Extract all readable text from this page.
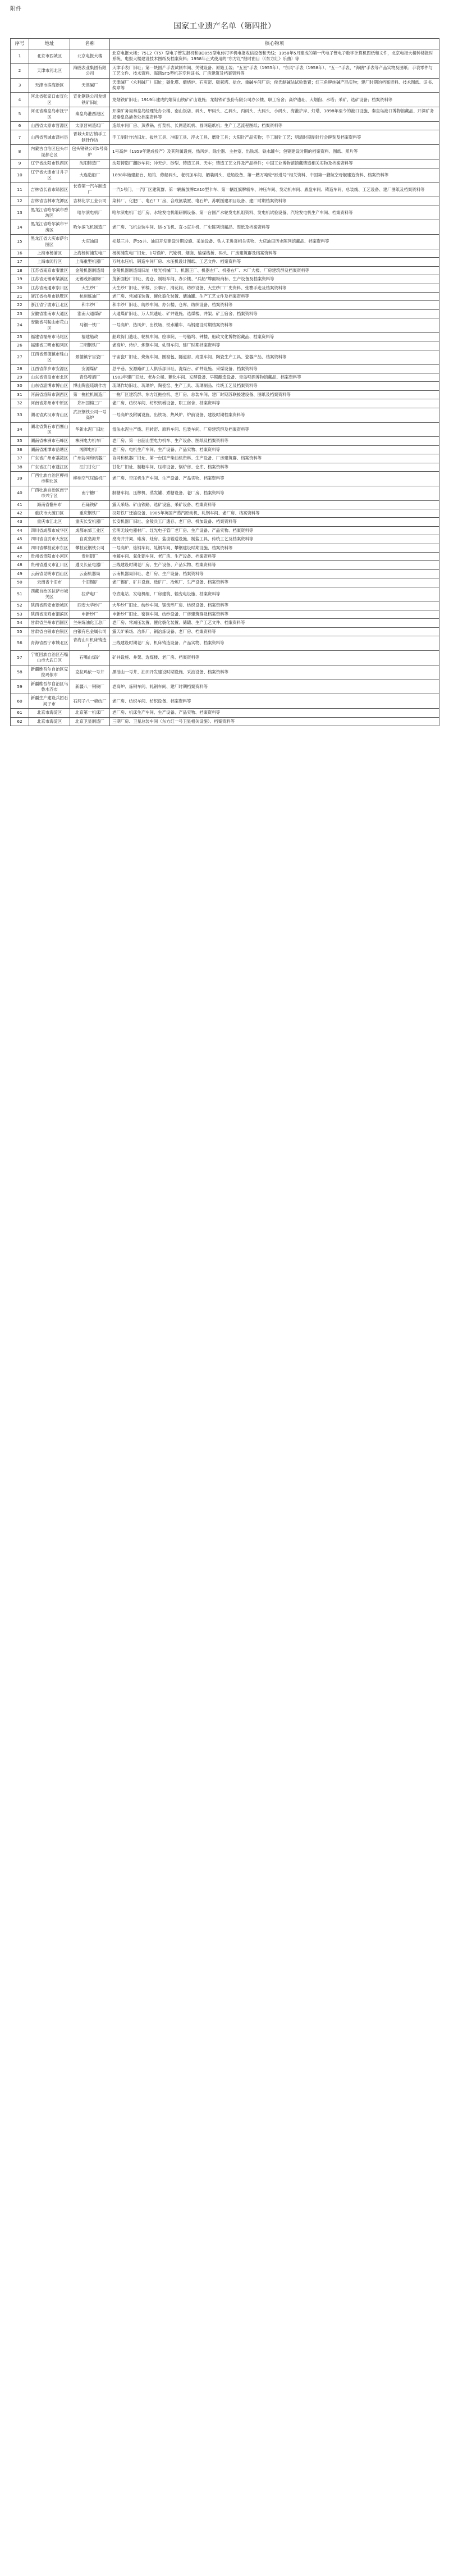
附件
国家工业遗产名单（第四批）
序号	地址	名称	核心物项
1	北京市西城区	北京电报大楼	北京电报大楼；7512（T5）型电子管发报机和BD055型电传打字机电报收信设备和天线；1958年5月建成的第一代电子管电子数字计算机图纸和文件，北京电报大楼钟楼报时系统，电报大楼建设技术图纸及档案资料；1958年正式使用的“东方红”报时曲目（《东方红》乐曲）等
2	天津市河北区	海鸥表业集团有限公司	天津手表厂旧址；第一块国产手表试制车间、关键设备、原始工装；“五星”手表（1955年）、“东风”手表（1958年）、“五一”手表、“海鸥”手表等产品实物及图纸；手表零件与工艺文件、技术资料、海鸥ST5型机芯专利证书、厂房建筑及档案资料等
3	天津市滨海新区	天津碱厂	天津碱厂（永利碱厂）旧址；碳化塔、煅烧炉、石灰窑、吸氨塔、盐仓、重碱车间厂房；侯氏制碱法试验装置；红三角牌纯碱产品实物；建厂时期的档案资料、技术图纸、证书、奖章等
4	河北省张家口市宣化区	宣化钢铁公司龙烟铁矿旧址	龙烟铁矿旧址；1919年建成的烟筒山铁矿矿山设施；龙烟铁矿股份有限公司办公楼、职工宿舍；高炉遗址、大烟囱、水塔；采矿、选矿设备；档案资料等
5	河北省秦皇岛市抚宁区	秦皇岛港西港区	开滦矿务局秦皇岛经理处办公楼、南山饭店、码头、甲码头、乙码头、丙码头、大码头、小码头、海港护岸、灯塔、1898年至今的港口设施、秦皇岛港口博物馆藏品、开滦矿务局秦皇岛港务处档案资料等
6	山西省太原市晋源区	太原晋祠造纸厂	造纸车间厂房、蒸煮锅、打浆机、长网造纸机、圆网造纸机；生产工艺流程图纸；档案资料等
7	山西省晋城市泽州县	晋城大阳古镇手工制针作坊	手工制针作坊旧址、拔丝工具、冲眼工具、淬火工具、磨针工具；大阳针产品实物；手工制针工艺；明清时期制针行会碑刻及档案资料等
8	内蒙古自治区包头市昆都仑区	包头钢铁公司1号高炉	1号高炉（1959年建成投产）及其附属设施、热风炉、除尘器、主控室、出铁场、铁水罐车；包钢建设时期的档案资料、图纸、照片等
9	辽宁省沈阳市铁西区	沈阳铸造厂	沈阳铸造厂翻砂车间；冲天炉、砂型、铸造工具、天车；铸造工艺文件及产品样件；中国工业博物馆馆藏铸造相关实物及档案资料等
10	辽宁省大连市甘井子区	大连造船厂	1898年始建船台、船坞、修船码头、老机加车间、舾装码头、造船设备、第一艘万吨轮“跃进号”相关资料、中国第一艘航空母舰建造资料、档案资料等
11	吉林省长春市绿园区	长春第一汽车制造厂	一汽1号门、一汽厂区建筑群、第一辆解放牌CA10型卡车、第一辆红旗牌轿车、冲压车间、发动机车间、底盘车间、铸造车间、总装线、工艺设备、建厂图纸及档案资料等
12	吉林省吉林市龙潭区	吉林化学工业公司	染料厂、化肥厂、电石厂厂房、合成氨装置、电石炉、苏联援建项目设备、建厂时期档案资料等
13	黑龙江省哈尔滨市香坊区	哈尔滨电机厂	哈尔滨电机厂老厂房、水轮发电机组研制设备、第一台国产水轮发电机组资料、发电机试验设备、汽轮发电机生产车间、档案资料等
14	黑龙江省哈尔滨市平房区	哈尔滨飞机制造厂	老厂房、飞机总装车间、运-5飞机、直-5直升机、厂史陈列馆藏品、图纸及档案资料等
15	黑龙江省大庆市萨尔图区	大庆油田	松基三井、萨55井、油田开发建设时期设施、采油设备、铁人王进喜相关实物、大庆油田历史陈列馆藏品、档案资料等
16	上海市杨浦区	上海杨树浦发电厂	杨树浦发电厂旧址、1号锅炉、汽轮机、烟囱、输煤栈桥、码头、厂房建筑群及档案资料等
17	上海市闵行区	上海重型机器厂	万吨水压机、锻造车间厂房、水压机设计图纸、工艺文件、档案资料等
18	江苏省南京市秦淮区	金陵机器制造局	金陵机器制造局旧址（晨光机械厂）、机器正厂、机器左厂、机器右厂、木厂大楼、厂房建筑群及档案资料等
19	江苏省无锡市梁溪区	无锡茂新面粉厂	茂新面粉厂旧址、麦仓、制粉车间、办公楼、“兵船”牌面粉商标、生产设备及档案资料等
20	江苏省南通市崇川区	大生纱厂	大生纱厂旧址、钟楼、公事厅、清花间、纺纱设备、大生纱厂厂史资料、张謇手迹及档案资料等
21	浙江省杭州市拱墅区	杭州炼油厂	老厂房、常减压装置、催化裂化装置、储油罐、生产工艺文件及档案资料等
22	浙江省宁波市江北区	和丰纱厂	和丰纱厂旧址、纺纱车间、办公楼、仓库、纺织设备、档案资料等
23	安徽省淮南市大通区	淮南大通煤矿	大通煤矿旧址、万人坑遗址、矿井设施、选煤楼、井架、矿工宿舍、档案资料等
24	安徽省马鞍山市花山区	马钢一铁厂	一号高炉、热风炉、出铁场、铁水罐车、马钢建设时期档案资料等
25	福建省福州市马尾区	福建船政	船政衙门遗址、轮机车间、绘事院、一号船坞、钟楼、船政文化博物馆藏品、档案资料等
26	福建省三明市梅列区	三明钢铁厂	老高炉、转炉、炼钢车间、轧钢车间、建厂时期档案资料等
27	江西省景德镇市珠山区	景德镇宇宙瓷厂	宇宙瓷厂旧址、烧炼车间、圆窑包、隧道窑、成型车间、陶瓷生产工具、瓷器产品、档案资料等
28	江西省萍乡市安源区	安源煤矿	总平巷、安源路矿工人俱乐部旧址、洗煤台、矿井设施、采煤设备、档案资料等
29	山东省青岛市市北区	青岛啤酒厂	1903年建厂旧址、老办公楼、糖化车间、发酵设备、早期酿造设备、青岛啤酒博物馆藏品、档案资料等
30	山东省淄博市博山区	博山陶瓷琉璃作坊	琉璃作坊旧址、琉璃炉、陶瓷窑、生产工具、琉璃制品、传统工艺及档案资料等
31	河南省洛阳市涧西区	第一拖拉机制造厂	一拖厂区建筑群、东方红拖拉机、老厂房、总装车间、建厂时期苏联援建设备、图纸及档案资料等
32	河南省郑州市中原区	郑州国棉三厂	老厂房、纺织车间、纺织机械设备、职工宿舍、档案资料等
33	湖北省武汉市青山区	武汉钢铁公司一号高炉	一号高炉及附属设施、出铁场、热风炉、炉前设备、建设时期档案资料等
34	湖北省黄石市西塞山区	华新水泥厂旧址	湿法水泥生产线、回转窑、原料车间、包装车间、厂房建筑群及档案资料等
35	湖南省株洲市石峰区	株洲电力机车厂	老厂房、第一台韶山型电力机车、生产设备、图纸及档案资料等
36	湖南省湘潭市岳塘区	湘潭电机厂	老厂房、电机生产车间、生产设备、产品实物、档案资料等
37	广东省广州市荔湾区	广州协同和机器厂	协同和机器厂旧址、第一台国产柴油机资料、生产设备、厂房建筑群、档案资料等
38	广东省江门市蓬江区	江门甘化厂	甘化厂旧址、制糖车间、压榨设备、锅炉房、仓库、档案资料等
39	广西壮族自治区柳州市柳北区	柳州空气压缩机厂	老厂房、空压机生产车间、生产设备、产品实物、档案资料等
40	广西壮族自治区南宁市兴宁区	南宁糖厂	制糖车间、压榨机、蒸发罐、煮糖设备、老厂房、档案资料等
41	海南省儋州市	石碌铁矿	露天采场、矿山铁路、选矿设施、采矿设备、档案资料等
42	重庆市大渡口区	重庆钢铁厂	汉阳铁厂迁渝设备、1905年英国产蒸汽原动机、轧钢车间、老厂房、档案资料等
43	重庆市江北区	重庆长安机器厂	长安机器厂旧址、金陵兵工厂遗存、老厂房、机加设备、档案资料等
44	四川省成都市成华区	成都东郊工业区	宏明无线电器材厂、红光电子管厂老厂房、生产设备、产品实物、档案资料等
45	四川省自贡市大安区	自贡燊海井	燊海井井架、碓房、灶房、盐卤输送设施、制盐工具、传统工艺及档案资料等
46	四川省攀枝花市东区	攀枝花钢铁公司	一号高炉、炼钢车间、轧钢车间、攀钢建设时期设施、档案资料等
47	贵州省贵阳市小河区	贵州铝厂	电解车间、氧化铝车间、老厂房、生产设备、档案资料等
48	贵州省遵义市汇川区	遵义长征电器厂	三线建设时期老厂房、生产设备、产品实物、档案资料等
49	云南省昆明市西山区	云南机器局	云南机器局旧址、老厂房、生产设备、档案资料等
50	云南省个旧市	个旧锡矿	老厂锡矿、矿井设施、选矿厂、冶炼厂、生产设备、档案资料等
51	西藏自治区拉萨市城关区	拉萨电厂	夺底电站、发电机组、厂房建筑、输变电设施、档案资料等
52	陕西省西安市新城区	西安大华纱厂	大华纱厂旧址、纺纱车间、锯齿形厂房、纺织设备、档案资料等
53	陕西省宝鸡市渭滨区	申新纱厂	申新纱厂旧址、窑洞车间、纺纱设备、厂房建筑群及档案资料等
54	甘肃省兰州市西固区	兰州炼油化工总厂	老厂房、常减压装置、催化裂化装置、储罐、生产工艺文件、档案资料等
55	甘肃省白银市白银区	白银有色金属公司	露天矿采场、冶炼厂、铜冶炼设备、老厂房、档案资料等
56	青海省西宁市城北区	青海山川机床铸造厂	三线建设时期老厂房、机床铸造设备、产品实物、档案资料等
57	宁夏回族自治区石嘴山市大武口区	石嘴山煤矿	矿井设施、井架、选煤楼、老厂房、档案资料等
58	新疆维吾尔自治区克拉玛依市	克拉玛依一号井	黑油山一号井、油田开发建设时期设施、采油设备、档案资料等
59	新疆维吾尔自治区乌鲁木齐市	新疆八一钢铁厂	老高炉、炼钢车间、轧钢车间、建厂时期档案资料等
60	新疆生产建设兵团石河子市	石河子八一棉纺厂	老厂房、纺织车间、纺织设备、档案资料等
61	北京市海淀区	北京第一机床厂	老厂房、机床生产车间、生产设备、产品实物、档案资料等
62	北京市海淀区	北京卫星制造厂	三期厂房、卫星总装车间（东方红一号卫星相关设施）、档案资料等
